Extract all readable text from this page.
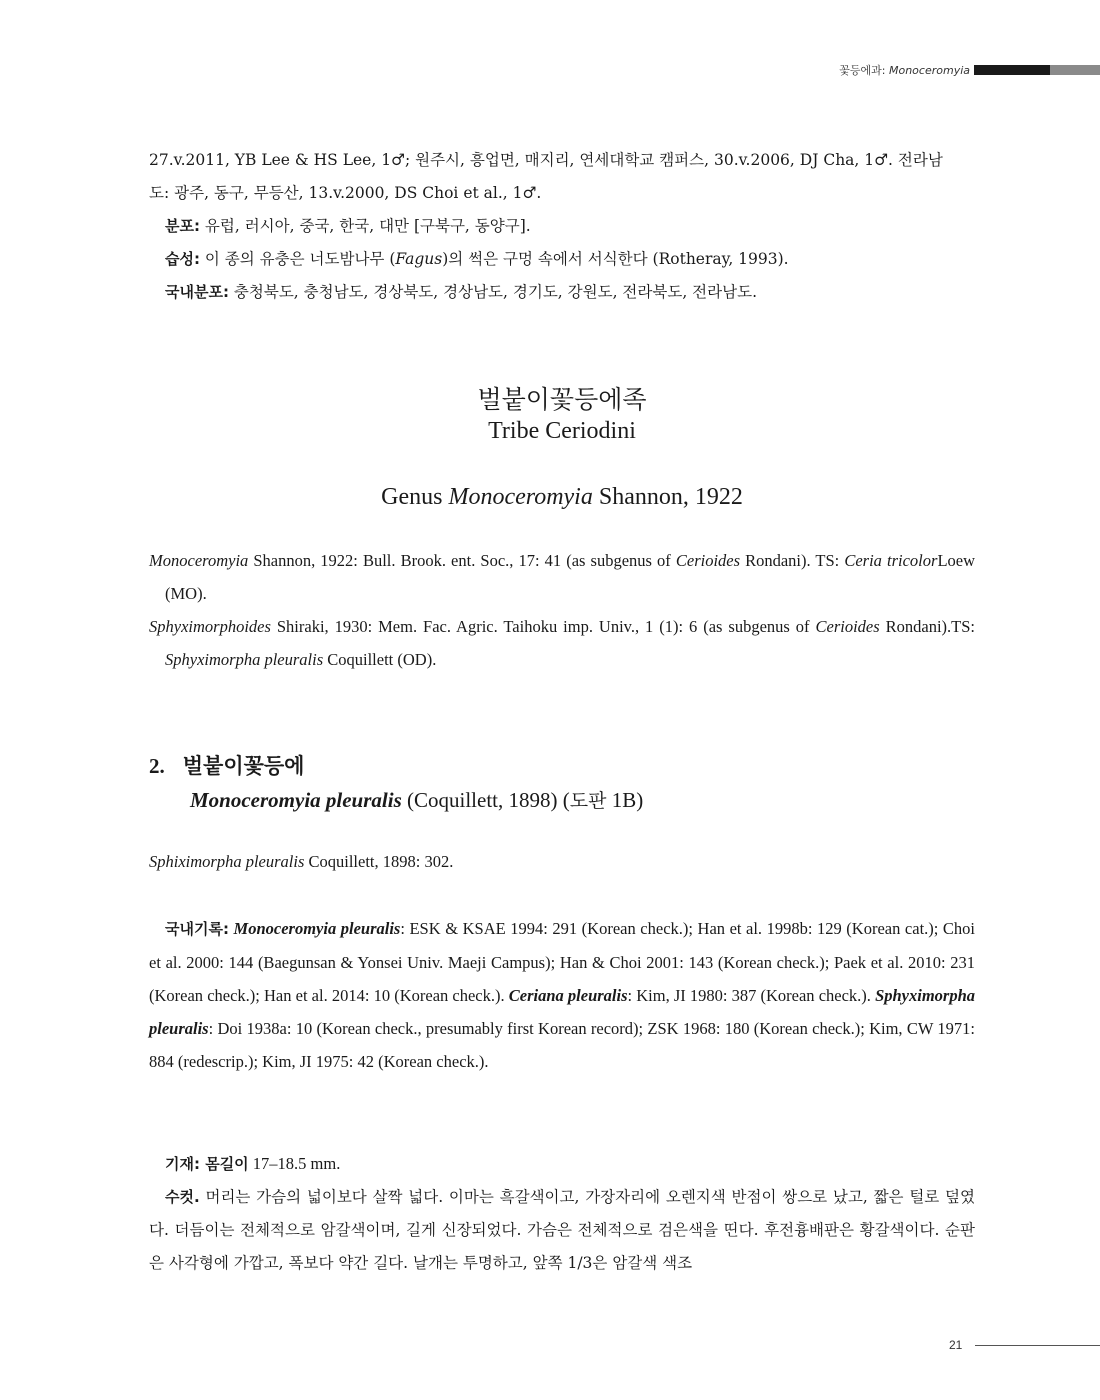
꽃등에과: Monoceromyia

27.v.2011, YB Lee & HS Lee, 1♂; 원주시, 흥업면, 매지리, 연세대학교 캠퍼스, 30.v.2006, DJ Cha, 1♂. 전라남

도: 광주, 동구, 무등산, 13.v.2000, DS Choi et al., 1♂.

분포: 유럽, 러시아, 중국, 한국, 대만 [구북구, 동양구].

습성: 이 종의 유충은 너도밤나무 (Fagus)의 썩은 구멍 속에서 서식한다 (Rotheray, 1993).

국내분포: 충청북도, 충청남도, 경상북도, 경상남도, 경기도, 강원도, 전라북도, 전라남도.

벌붙이꽃등에족
Tribe Ceriodini
Genus Monoceromyia Shannon, 1922

Monoceromyia Shannon, 1922: Bull. Brook. ent. Soc., 17: 41 (as subgenus of Cerioides Rondani). TS: Ceria tricolorLoew (MO).

Sphyximorphoides Shiraki, 1930: Mem. Fac. Agric. Taihoku imp. Univ., 1 (1): 6 (as subgenus of Cerioides Rondani).TS: Sphyximorpha pleuralis Coquillett (OD).

2. 벌붙이꽃등에
Monoceromyia pleuralis (Coquillett, 1898) (도판 1B)

Sphiximorpha pleuralis Coquillett, 1898: 302.

국내기록: Monoceromyia pleuralis: ESK & KSAE 1994: 291 (Korean check.); Han et al. 1998b: 129 (Korean cat.); Choi et al. 2000: 144 (Baegunsan & Yonsei Univ. Maeji Campus); Han & Choi 2001: 143 (Korean check.); Paek et al. 2010: 231 (Korean check.); Han et al. 2014: 10 (Korean check.). Ceriana pleuralis: Kim, JI 1980: 387 (Korean check.). Sphyximorpha pleuralis: Doi 1938a: 10 (Korean check., presumably first Korean record); ZSK 1968: 180 (Korean check.); Kim, CW 1971: 884 (redescrip.); Kim, JI 1975: 42 (Korean check.).

기재: 몸길이 17–18.5 mm.

수컷. 머리는 가슴의 넓이보다 살짝 넓다. 이마는 흑갈색이고, 가장자리에 오렌지색 반점이 쌍으로 났고, 짧은 털로 덮였다. 더듬이는 전체적으로 암갈색이며, 길게 신장되었다. 가슴은 전체적으로 검은색을 띤다. 후전흉배판은 황갈색이다. 순판은 사각형에 가깝고, 폭보다 약간 길다. 날개는 투명하고, 앞쪽 1/3은 암갈색 색조

21
